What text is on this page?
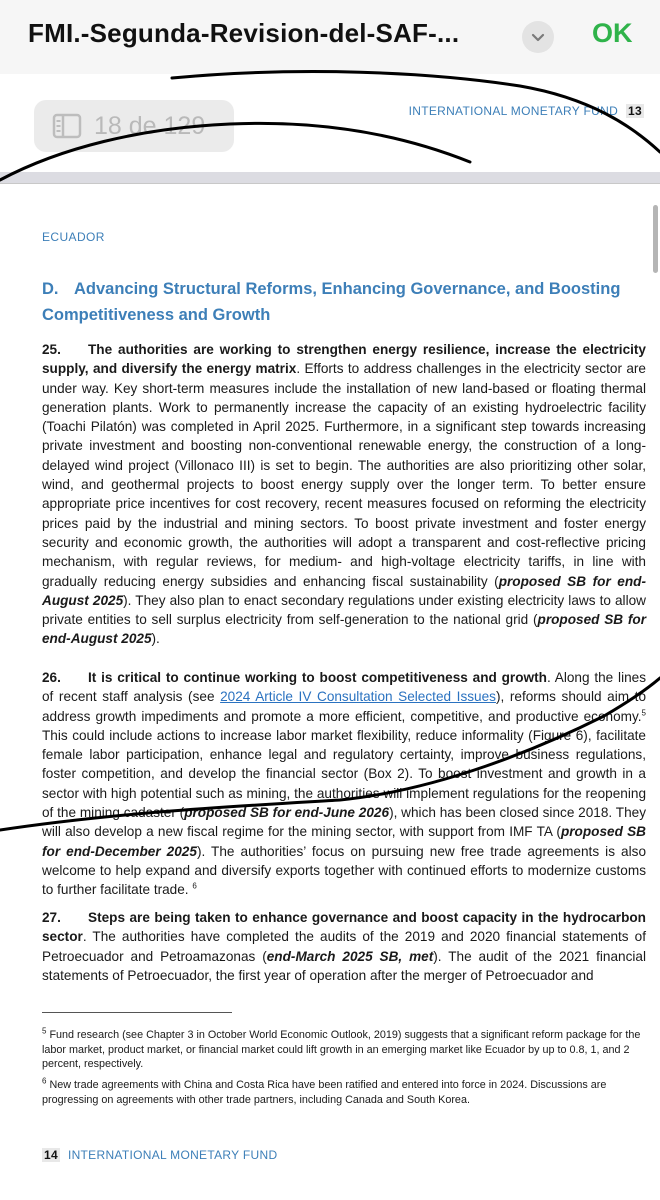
FMI.-Segunda-Revision-del-SAF-...	OK
INTERNATIONAL MONETARY FUND 13
18 de 129
ECUADOR
D. Advancing Structural Reforms, Enhancing Governance, and Boosting Competitiveness and Growth
25. The authorities are working to strengthen energy resilience, increase the electricity supply, and diversify the energy matrix. Efforts to address challenges in the electricity sector are under way. Key short-term measures include the installation of new land-based or floating thermal generation plants. Work to permanently increase the capacity of an existing hydroelectric facility (Toachi Pilatón) was completed in April 2025. Furthermore, in a significant step towards increasing private investment and boosting non-conventional renewable energy, the construction of a long-delayed wind project (Villonaco III) is set to begin. The authorities are also prioritizing other solar, wind, and geothermal projects to boost energy supply over the longer term. To better ensure appropriate price incentives for cost recovery, recent measures focused on reforming the electricity prices paid by the industrial and mining sectors. To boost private investment and foster energy security and economic growth, the authorities will adopt a transparent and cost-reflective pricing mechanism, with regular reviews, for medium- and high-voltage electricity tariffs, in line with gradually reducing energy subsidies and enhancing fiscal sustainability (proposed SB for end-August 2025). They also plan to enact secondary regulations under existing electricity laws to allow private entities to sell surplus electricity from self-generation to the national grid (proposed SB for end-August 2025).
26. It is critical to continue working to boost competitiveness and growth. Along the lines of recent staff analysis (see 2024 Article IV Consultation Selected Issues), reforms should aim to address growth impediments and promote a more efficient, competitive, and productive economy.$^5$ This could include actions to increase labor market flexibility, reduce informality (Figure 6), facilitate female labor participation, enhance legal and regulatory certainty, improve business regulations, foster competition, and develop the financial sector (Box 2). To boost investment and growth in a sector with high potential such as mining, the authorities will implement regulations for the reopening of the mining cadaster (proposed SB for end-June 2026), which has been closed since 2018. They will also develop a new fiscal regime for the mining sector, with support from IMF TA (proposed SB for end-December 2025). The authorities’ focus on pursuing new free trade agreements is also welcome to help expand and diversify exports together with continued efforts to modernize customs to further facilitate trade. $^6$
27. Steps are being taken to enhance governance and boost capacity in the hydrocarbon sector. The authorities have completed the audits of the 2019 and 2020 financial statements of Petroecuador and Petroamazonas (end-March 2025 SB, met). The audit of the 2021 financial statements of Petroecuador, the first year of operation after the merger of Petroecuador and
$^5$ Fund research (see Chapter 3 in October World Economic Outlook, 2019) suggests that a significant reform package for the labor market, product market, or financial market could lift growth in an emerging market like Ecuador by up to 0.8, 1, and 2 percent, respectively.
$^6$ New trade agreements with China and Costa Rica have been ratified and entered into force in 2024. Discussions are progressing on agreements with other trade partners, including Canada and South Korea.
14 INTERNATIONAL MONETARY FUND
